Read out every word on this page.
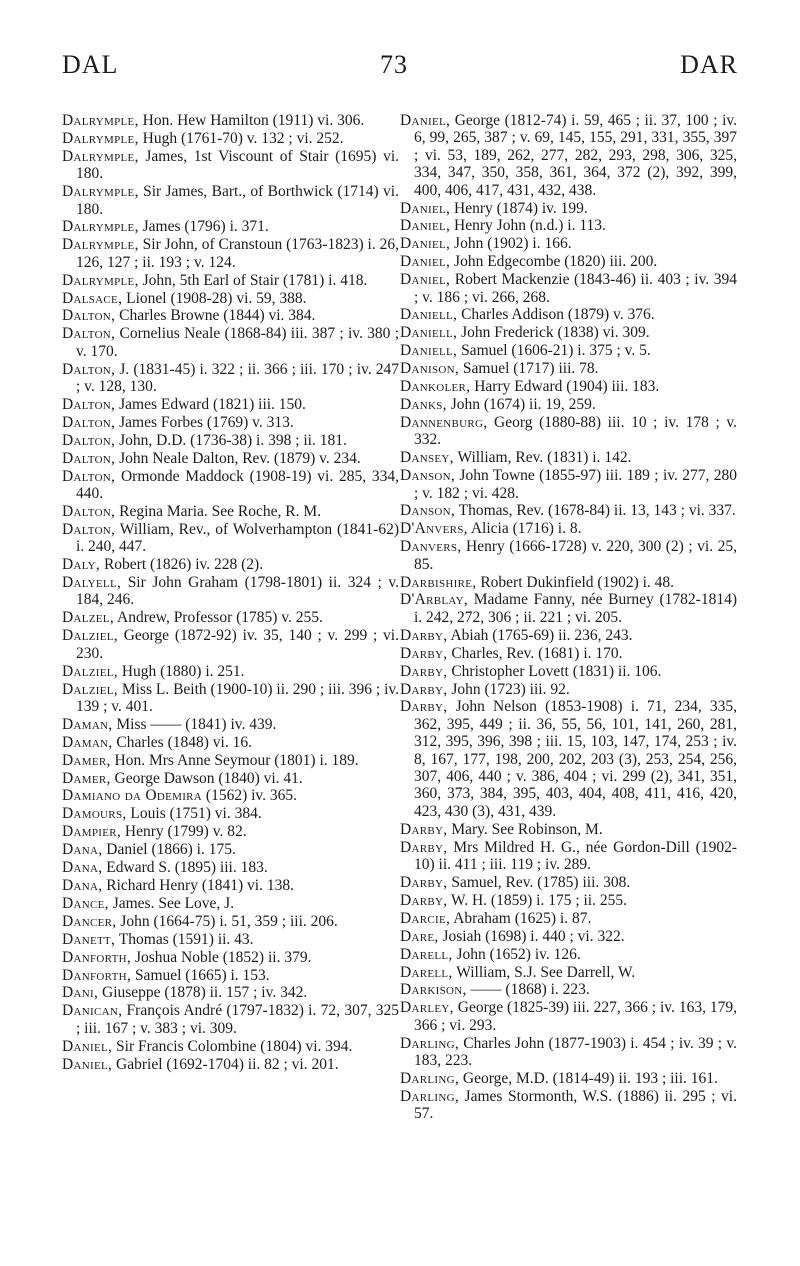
DAL	73	DAR

Dalrymple, Hon. Hew Hamilton (1911) vi. 306.

Dalrymple, Hugh (1761-70) v. 132 ; vi. 252.

Dalrymple, James, 1st Viscount of Stair (1695) vi. 180.

Dalrymple, Sir James, Bart., of Borthwick (1714) vi. 180.

Dalrymple, James (1796) i. 371.

Dalrymple, Sir John, of Cranstoun (1763-1823) i. 26, 126, 127 ; ii. 193 ; v. 124.

Dalrymple, John, 5th Earl of Stair (1781) i. 418.

Dalsace, Lionel (1908-28) vi. 59, 388.

Dalton, Charles Browne (1844) vi. 384.

Dalton, Cornelius Neale (1868-84) iii. 387 ; iv. 380 ; v. 170.

Dalton, J. (1831-45) i. 322 ; ii. 366 ; iii. 170 ; iv. 247 ; v. 128, 130.

Dalton, James Edward (1821) iii. 150.

Dalton, James Forbes (1769) v. 313.

Dalton, John, D.D. (1736-38) i. 398 ; ii. 181.

Dalton, John Neale Dalton, Rev. (1879) v. 234.

Dalton, Ormonde Maddock (1908-19) vi. 285, 334, 440.

Dalton, Regina Maria. See Roche, R. M.

Dalton, William, Rev., of Wolverhampton (1841-62) i. 240, 447.

Daly, Robert (1826) iv. 228 (2).

Dalyell, Sir John Graham (1798-1801) ii. 324 ; v. 184, 246.

Dalzel, Andrew, Professor (1785) v. 255.

Dalziel, George (1872-92) iv. 35, 140 ; v. 299 ; vi. 230.

Dalziel, Hugh (1880) i. 251.

Dalziel, Miss L. Beith (1900-10) ii. 290 ; iii. 396 ; iv. 139 ; v. 401.

Daman, Miss —— (1841) iv. 439.

Daman, Charles (1848) vi. 16.

Damer, Hon. Mrs Anne Seymour (1801) i. 189.

Damer, George Dawson (1840) vi. 41.

Damiano da Odemira (1562) iv. 365.

Damours, Louis (1751) vi. 384.

Dampier, Henry (1799) v. 82.

Dana, Daniel (1866) i. 175.

Dana, Edward S. (1895) iii. 183.

Dana, Richard Henry (1841) vi. 138.

Dance, James. See Love, J.

Dancer, John (1664-75) i. 51, 359 ; iii. 206.

Danett, Thomas (1591) ii. 43.

Danforth, Joshua Noble (1852) ii. 379.

Danforth, Samuel (1665) i. 153.

Dani, Giuseppe (1878) ii. 157 ; iv. 342.

Danican, François André (1797-1832) i. 72, 307, 325 ; iii. 167 ; v. 383 ; vi. 309.

Daniel, Sir Francis Colombine (1804) vi. 394.

Daniel, Gabriel (1692-1704) ii. 82 ; vi. 201.

Daniel, George (1812-74) i. 59, 465 ; ii. 37, 100 ; iv. 6, 99, 265, 387 ; v. 69, 145, 155, 291, 331, 355, 397 ; vi. 53, 189, 262, 277, 282, 293, 298, 306, 325, 334, 347, 350, 358, 361, 364, 372 (2), 392, 399, 400, 406, 417, 431, 432, 438.

Daniel, Henry (1874) iv. 199.

Daniel, Henry John (n.d.) i. 113.

Daniel, John (1902) i. 166.

Daniel, John Edgecombe (1820) iii. 200.

Daniel, Robert Mackenzie (1843-46) ii. 403 ; iv. 394 ; v. 186 ; vi. 266, 268.

Daniell, Charles Addison (1879) v. 376.

Daniell, John Frederick (1838) vi. 309.

Daniell, Samuel (1606-21) i. 375 ; v. 5.

Danison, Samuel (1717) iii. 78.

Dankoler, Harry Edward (1904) iii. 183.

Danks, John (1674) ii. 19, 259.

Dannenburg, Georg (1880-88) iii. 10 ; iv. 178 ; v. 332.

Dansey, William, Rev. (1831) i. 142.

Danson, John Towne (1855-97) iii. 189 ; iv. 277, 280 ; v. 182 ; vi. 428.

Danson, Thomas, Rev. (1678-84) ii. 13, 143 ; vi. 337.

D'Anvers, Alicia (1716) i. 8.

Danvers, Henry (1666-1728) v. 220, 300 (2) ; vi. 25, 85.

Darbishire, Robert Dukinfield (1902) i. 48.

D'Arblay, Madame Fanny, née Burney (1782-1814) i. 242, 272, 306 ; ii. 221 ; vi. 205.

Darby, Abiah (1765-69) ii. 236, 243.

Darby, Charles, Rev. (1681) i. 170.

Darby, Christopher Lovett (1831) ii. 106.

Darby, John (1723) iii. 92.

Darby, John Nelson (1853-1908) i. 71, 234, 335, 362, 395, 449 ; ii. 36, 55, 56, 101, 141, 260, 281, 312, 395, 396, 398 ; iii. 15, 103, 147, 174, 253 ; iv. 8, 167, 177, 198, 200, 202, 203 (3), 253, 254, 256, 307, 406, 440 ; v. 386, 404 ; vi. 299 (2), 341, 351, 360, 373, 384, 395, 403, 404, 408, 411, 416, 420, 423, 430 (3), 431, 439.

Darby, Mary. See Robinson, M.

Darby, Mrs Mildred H. G., née Gordon-Dill (1902-10) ii. 411 ; iii. 119 ; iv. 289.

Darby, Samuel, Rev. (1785) iii. 308.

Darby, W. H. (1859) i. 175 ; ii. 255.

Darcie, Abraham (1625) i. 87.

Dare, Josiah (1698) i. 440 ; vi. 322.

Darell, John (1652) iv. 126.

Darell, William, S.J. See Darrell, W.

Darkison, —— (1868) i. 223.

Darley, George (1825-39) iii. 227, 366 ; iv. 163, 179, 366 ; vi. 293.

Darling, Charles John (1877-1903) i. 454 ; iv. 39 ; v. 183, 223.

Darling, George, M.D. (1814-49) ii. 193 ; iii. 161.

Darling, James Stormonth, W.S. (1886) ii. 295 ; vi. 57.
